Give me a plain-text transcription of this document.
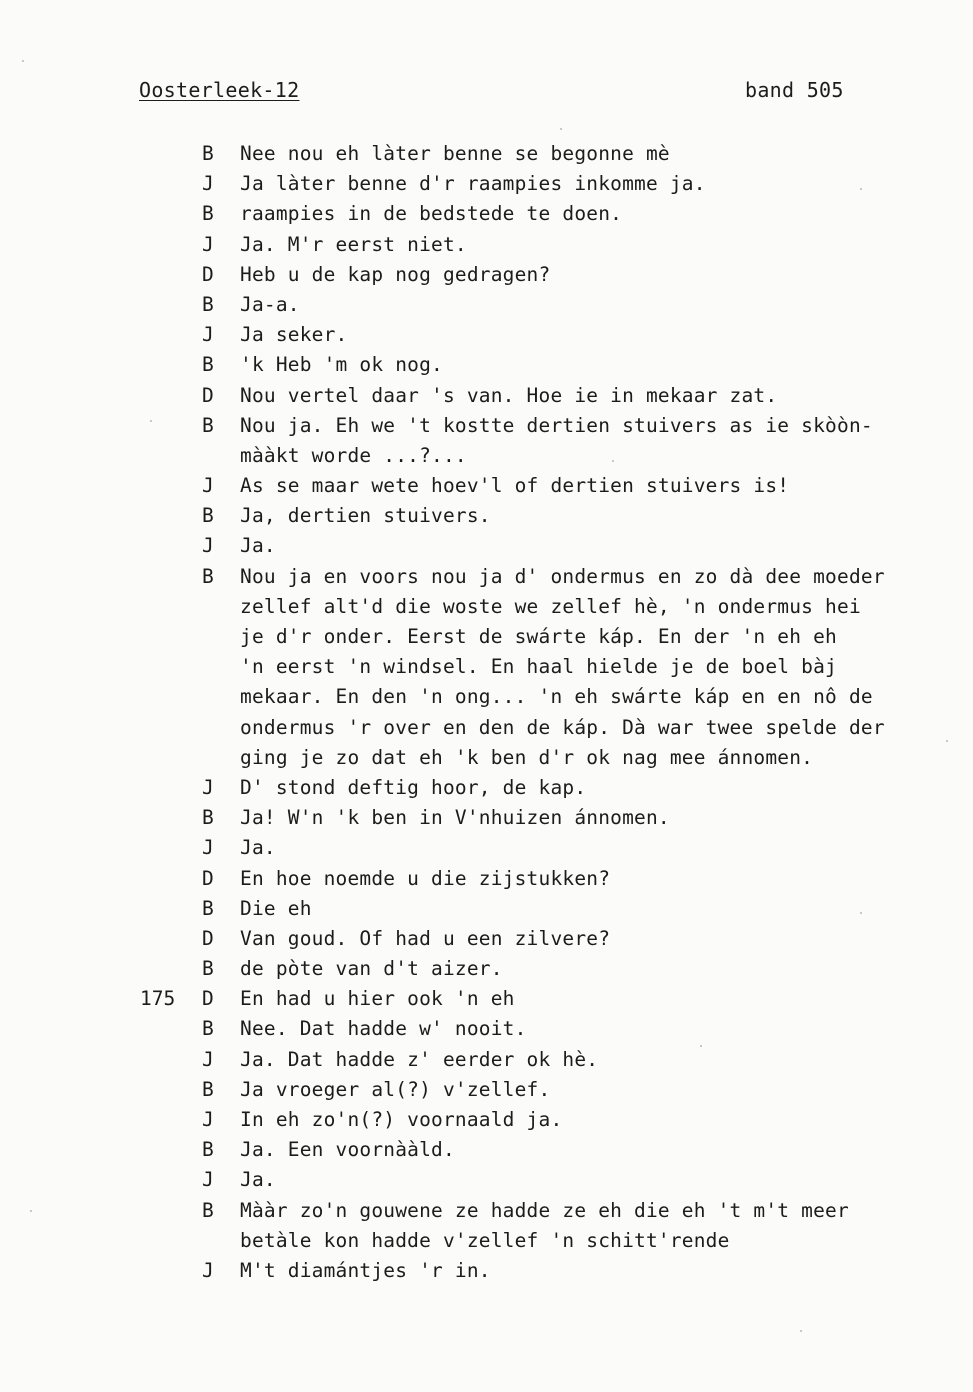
Oosterleek-12	band 505
B	Nee nou eh làter benne se begonne mè
J	Ja làter benne d'r raampies inkomme ja.
B	raampies in de bedstede te doen.
J	Ja. M'r eerst niet.
D	Heb u de kap nog gedragen?
B	Ja-a.
J	Ja seker.
B	'k Heb 'm ok nog.
D	Nou vertel daar 's van. Hoe ie in mekaar zat.
B	Nou ja. Eh we 't kostte dertien stuivers as ie skòòn-
mààkt worde ...?...
J	As se maar wete hoev'l of dertien stuivers is!
B	Ja, dertien stuivers.
J	Ja.
B	Nou ja en voors nou ja d' ondermus en zo dà dee moeder
zellef alt'd die woste we zellef hè, 'n ondermus hei
je d'r onder. Eerst de swárte káp. En der 'n eh eh
'n eerst 'n windsel. En haal hielde je de boel bàj
mekaar. En den 'n ong... 'n eh swárte káp en en nô de
ondermus 'r over en den de káp. Dà war twee spelde der
ging je zo dat eh 'k ben d'r ok nag mee ánnomen.
J	D' stond deftig hoor, de kap.
B	Ja! W'n 'k ben in V'nhuizen ánnomen.
J	Ja.
D	En hoe noemde u die zijstukken?
B	Die eh
D	Van goud. Of had u een zilvere?
B	de pòte van d't aizer.
175	D	En had u hier ook 'n eh
B	Nee. Dat hadde w' nooit.
J	Ja. Dat hadde z' eerder ok hè.
B	Ja vroeger al(?) v'zellef.
J	In eh zo'n(?) voornaald ja.
B	Ja. Een voornààld.
J	Ja.
B	Mààr zo'n gouwene ze hadde ze eh die eh 't m't meer
betàle kon hadde v'zellef 'n schitt'rende
J	M't diamántjes 'r in.
